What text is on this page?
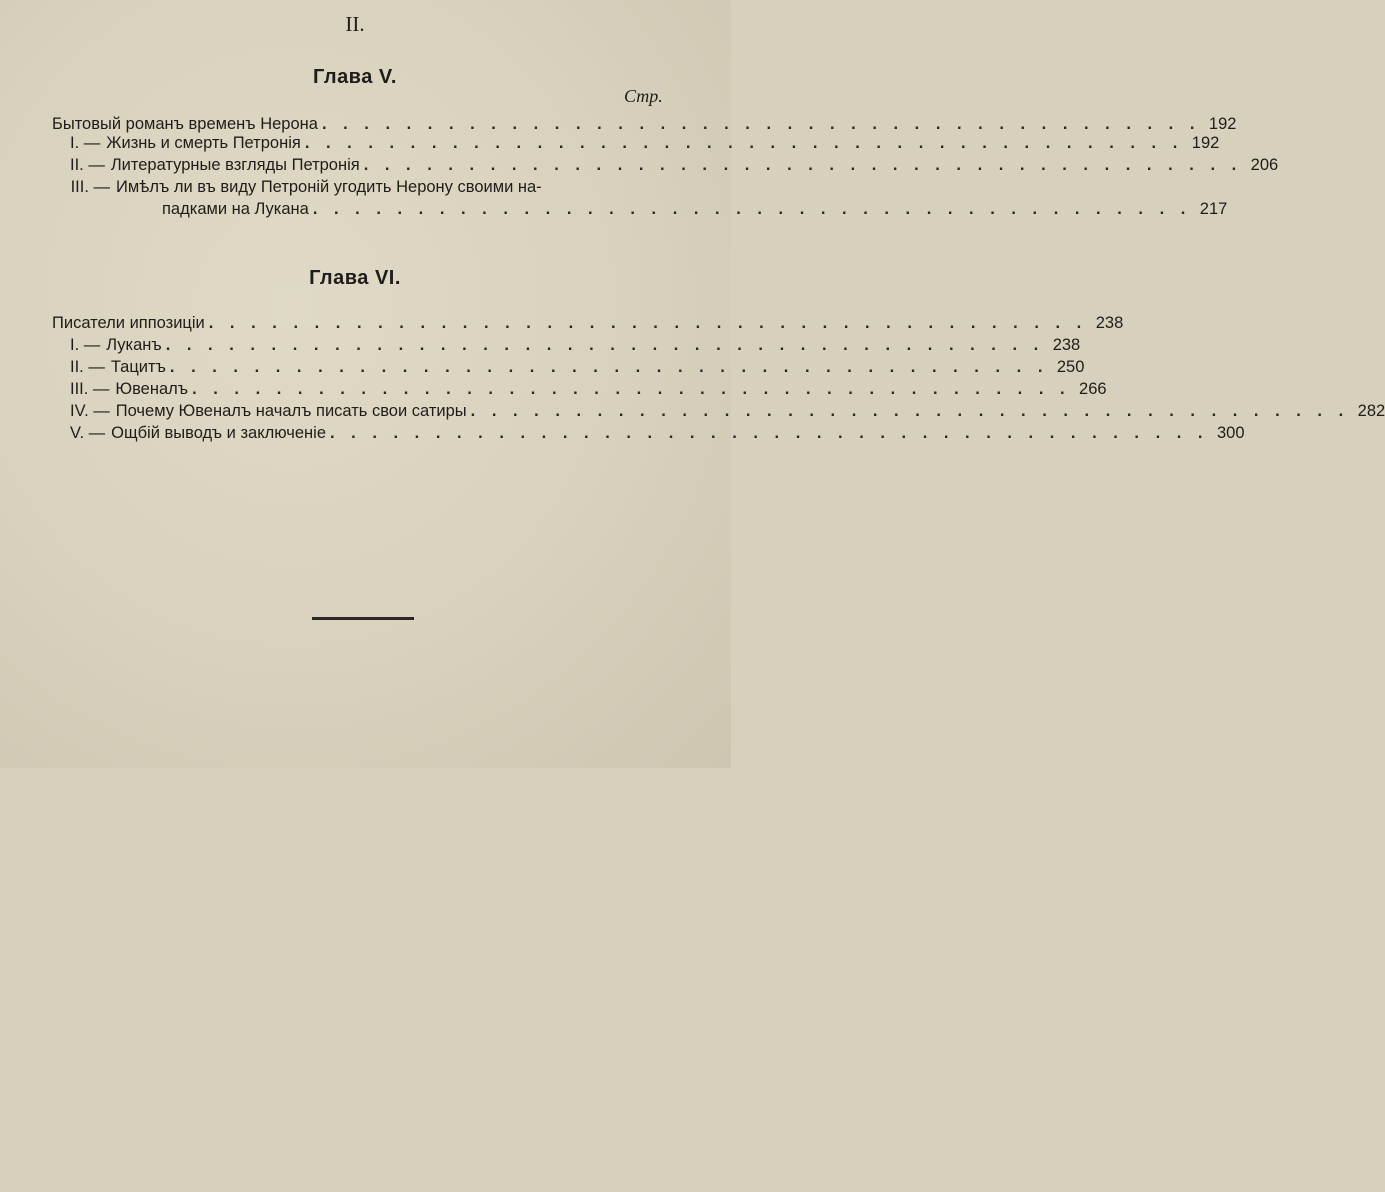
II.
Глава V.
Стр.
Бытовый романъ временъ Нерона . . . . . . . . . . . . . . . . . . . . . . . . . . . . . . . . . . . . . . . . . . 192
I. — Жизнь и смерть Петронія . . . . . . . . . . . . . . . . . . . . . . . . . . . . . . . . . . . . . . . . . . 192
II. — Литературные взгляды Петронія . . . . . . . . . . . . . . . . . . . . . . . . . . . . . . . . . . . . . . . . . . 206
III. — Имѣлъ ли въ виду Петроній угодить Нерону своими на-
падками на Лукана . . . . . . . . . . . . . . . . . . . . . . . . . . . . . . . . . . . . . . . . . . 217
Глава VI.
Писатели иппозиціи . . . . . . . . . . . . . . . . . . . . . . . . . . . . . . . . . . . . . . . . . . 238
I. — Луканъ . . . . . . . . . . . . . . . . . . . . . . . . . . . . . . . . . . . . . . . . . . 238
II. — Тацитъ . . . . . . . . . . . . . . . . . . . . . . . . . . . . . . . . . . . . . . . . . . 250
III. — Ювеналъ . . . . . . . . . . . . . . . . . . . . . . . . . . . . . . . . . . . . . . . . . . 266
IV. — Почему Ювеналъ началъ писать свои сатиры . . . . . . . . . . . . . . . . . . . . . . . . . . . . . . . . . . . . . . . . . . 282
V. — Ощбій выводъ и заключеніе . . . . . . . . . . . . . . . . . . . . . . . . . . . . . . . . . . . . . . . . . . 300
